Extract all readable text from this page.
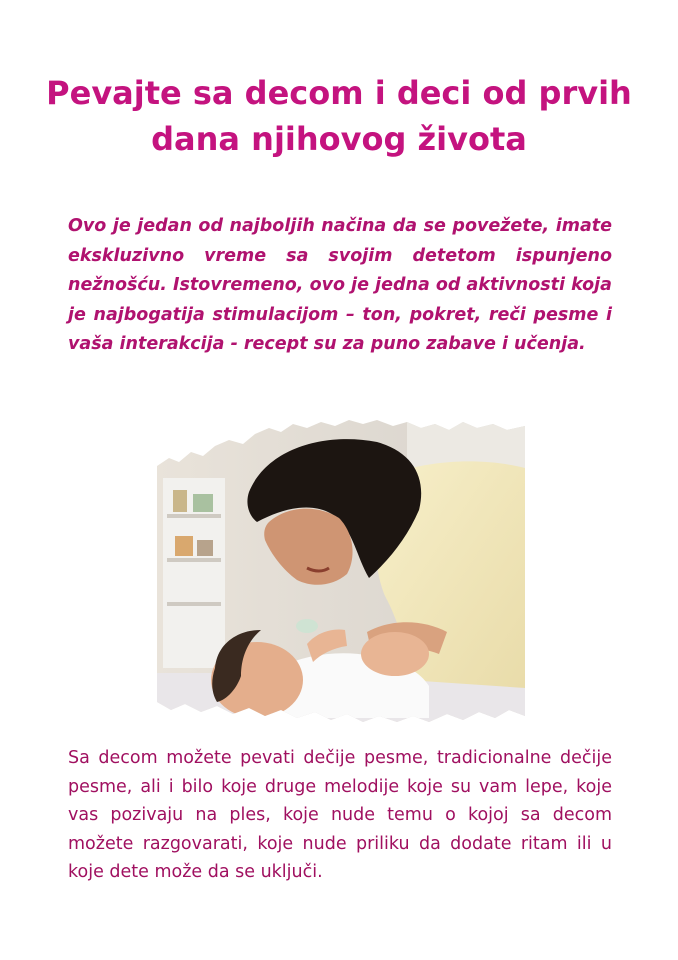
Pevajte sa decom i deci od prvih dana njihovog života

Ovo je jedan od najboljih načina da se povežete, imate ekskluzivno vreme sa svojim detetom ispunjeno nežnošću. Istovremeno, ovo je jedna od aktivnosti koja je najbogatija stimulacijom – ton, pokret, reči pesme i vaša interakcija - recept su za puno zabave i učenja.

Sa decom možete pevati dečije pesme, tradicionalne dečije pesme, ali i bilo koje druge melodije koje su vam lepe, koje vas pozivaju na ples, koje nude temu o kojoj sa decom možete razgovarati, koje nude priliku da dodate ritam ili u koje dete može da se uključi.
